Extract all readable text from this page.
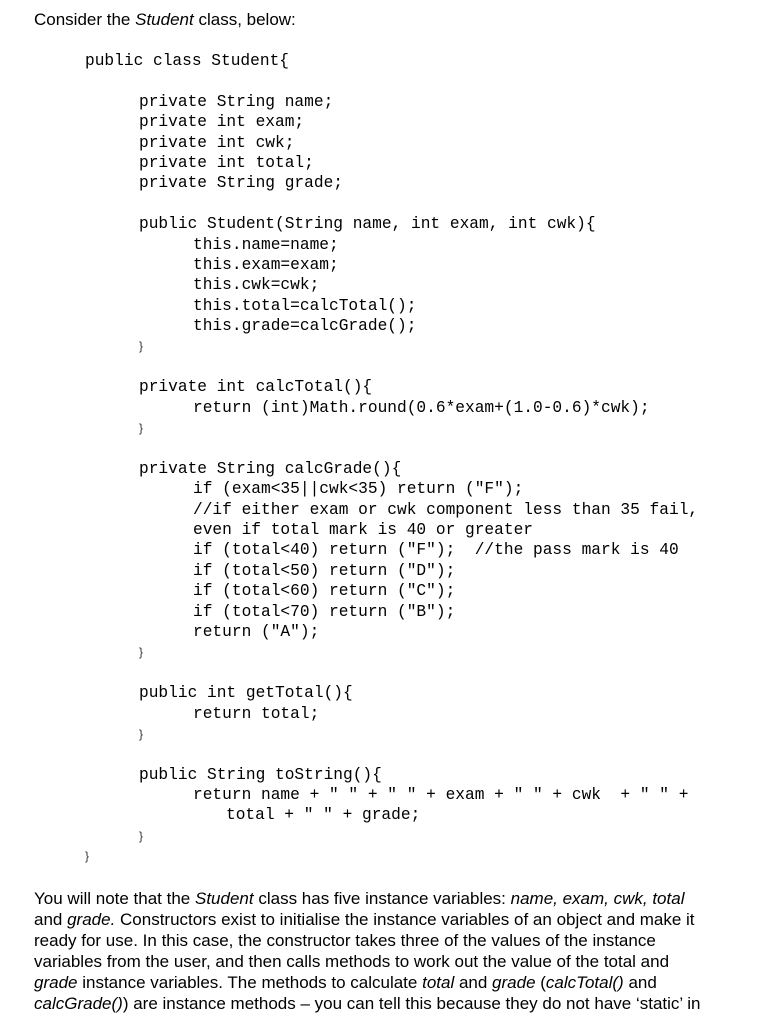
Consider the Student class, below:
public class Student{
private String name;
private int exam;
private int cwk;
private int total;
private String grade;
public Student(String name, int exam, int cwk){
this.name=name;
this.exam=exam;
this.cwk=cwk;
this.total=calcTotal();
this.grade=calcGrade();
}
private int calcTotal(){
return (int)Math.round(0.6*exam+(1.0-0.6)*cwk);
}
private String calcGrade(){
if (exam<35||cwk<35) return ("F");
//if either exam or cwk component less than 35 fail,
even if total mark is 40 or greater
if (total<40) return ("F");  //the pass mark is 40
if (total<50) return ("D");
if (total<60) return ("C");
if (total<70) return ("B");
return ("A");
}
public int getTotal(){
return total;
}
public String toString(){
return name + " " + " " + exam + " " + cwk  + " " +
total + " " + grade;
}
}
You will note that the Student class has five instance variables: name, exam, cwk, total
and grade. Constructors exist to initialise the instance variables of an object and make it
ready for use. In this case, the constructor takes three of the values of the instance
variables from the user, and then calls methods to work out the value of the total and
grade instance variables. The methods to calculate total and grade (calcTotal() and
calcGrade()) are instance methods – you can tell this because they do not have ‘static’ in
